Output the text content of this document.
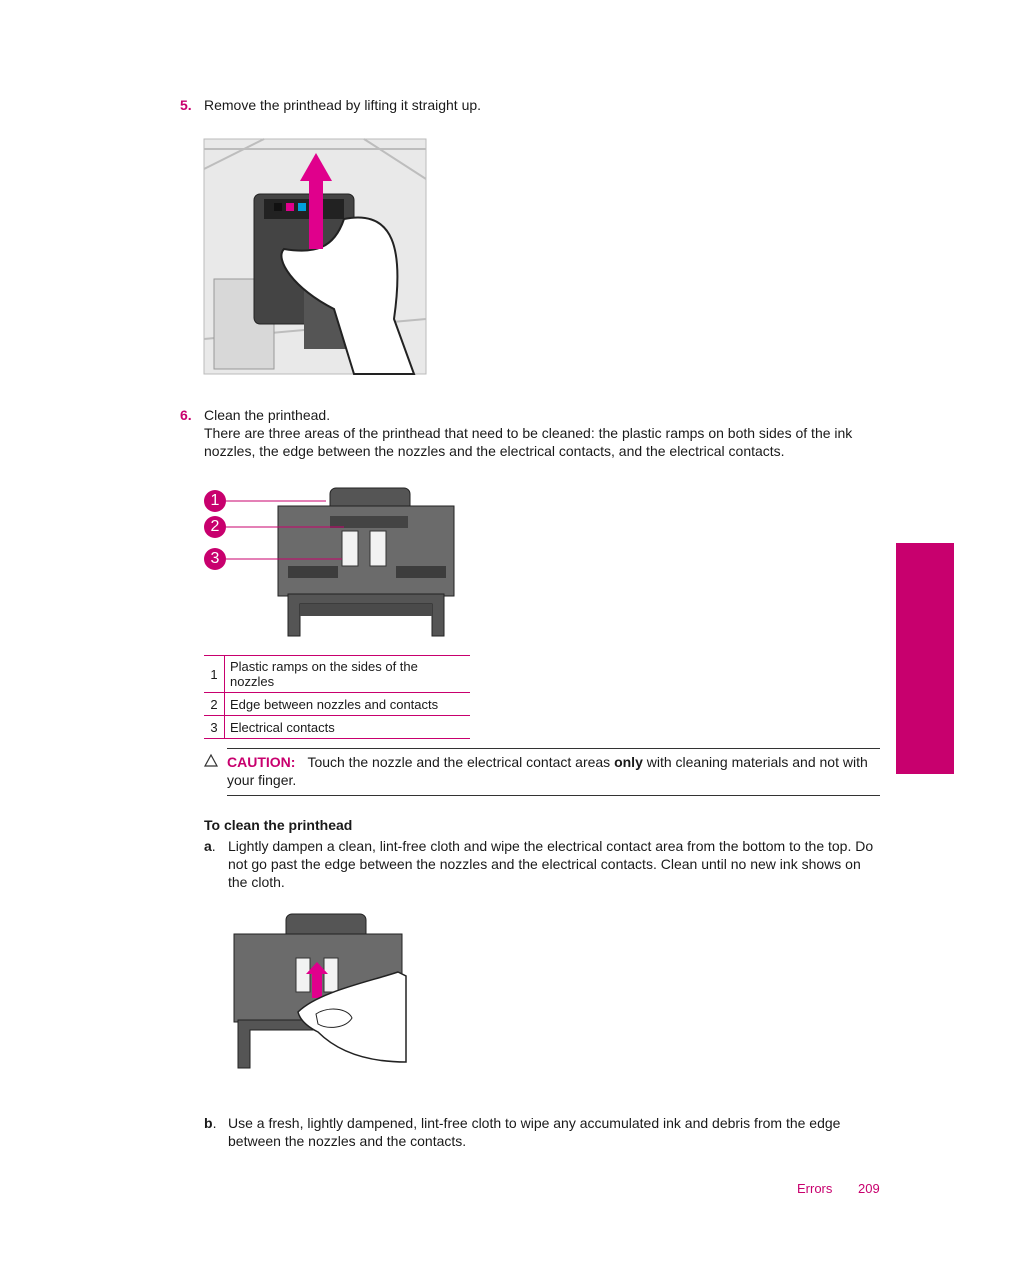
5. Remove the printhead by lifting it straight up.
6. Clean the printhead.
There are three areas of the printhead that need to be cleaned: the plastic ramps on both sides of the ink nozzles, the edge between the nozzles and the electrical contacts, and the electrical contacts.
1
2
3
1	Plastic ramps on the sides of the nozzles
2	Edge between nozzles and contacts
3	Electrical contacts
CAUTION: Touch the nozzle and the electrical contact areas only with cleaning materials and not with your finger.
To clean the printhead
a. Lightly dampen a clean, lint-free cloth and wipe the electrical contact area from the bottom to the top. Do not go past the edge between the nozzles and the electrical contacts. Clean until no new ink shows on the cloth.
b. Use a fresh, lightly dampened, lint-free cloth to wipe any accumulated ink and debris from the edge between the nozzles and the contacts.
Solve a problem
Errors 209
